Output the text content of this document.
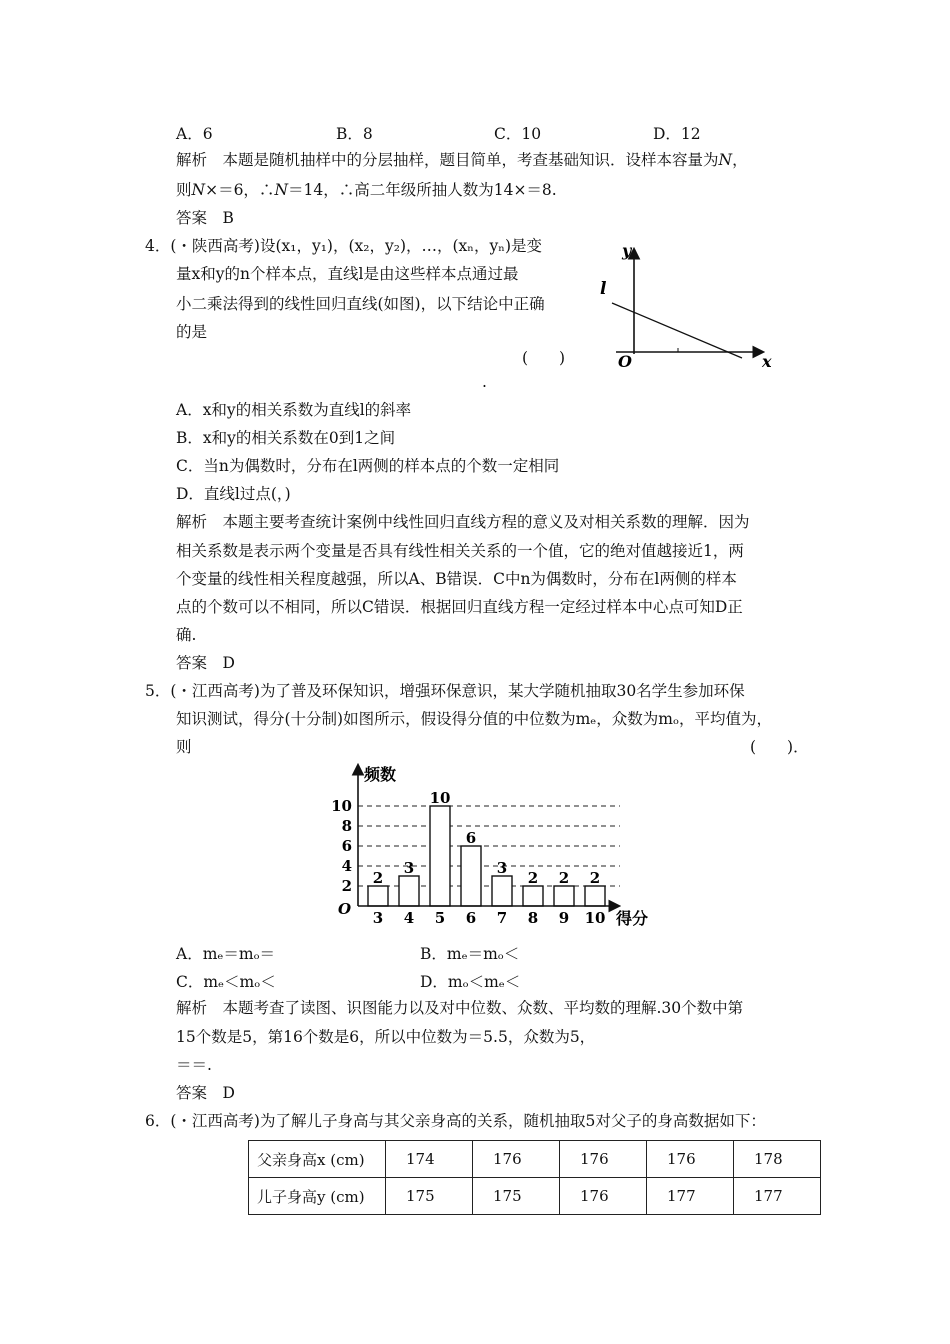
A．6	B．8	C．10	D．12
解析　本题是随机抽样中的分层抽样，题目简单，考查基础知识．设样本容量为N，
则N×＝6，∴N＝14，∴高二年级所抽人数为14×＝8.
答案　B
4．(・陕西高考)设(x₁，y₁)，(x₂，y₂)，…，(xₙ，yₙ)是变
量x和y的n个样本点，直线l是由这些样本点通过最
小二乘法得到的线性回归直线(如图)，以下结论中正确
的是
(　　)
.
y
x
O
l
A．x和y的相关系数为直线l的斜率
B．x和y的相关系数在0到1之间
C．当n为偶数时，分布在l两侧的样本点的个数一定相同
D．直线l过点(，)
解析　本题主要考查统计案例中线性回归直线方程的意义及对相关系数的理解．因为
相关系数是表示两个变量是否具有线性相关关系的一个值，它的绝对值越接近1，两
个变量的线性相关程度越强，所以A、B错误．C中n为偶数时，分布在l两侧的样本
点的个数可以不相同，所以C错误．根据回归直线方程一定经过样本中心点可知D正
确.
答案　D
5．(・江西高考)为了普及环保知识，增强环保意识，某大学随机抽取30名学生参加环保
知识测试，得分(十分制)如图所示，假设得分值的中位数为mₑ，众数为mₒ，平均值为，
则	(　　)．
2
3
10
6
3
2 2 2
频数
得分
O
2
4
6
8
10
3 4 5 6 7 8 9 10
A．mₑ＝mₒ＝	B．mₑ＝mₒ＜
C．mₑ＜mₒ＜	D．mₒ＜mₑ＜
解析　本题考查了读图、识图能力以及对中位数、众数、平均数的理解.30个数中第
15个数是5，第16个数是6，所以中位数为＝5.5，众数为5，
＝＝.
答案　D
6．(・江西高考)为了解儿子身高与其父亲身高的关系，随机抽取5对父子的身高数据如下：
父亲身高x (cm)	174	176	176	176	178
儿子身高y (cm)	175	175	176	177	177
